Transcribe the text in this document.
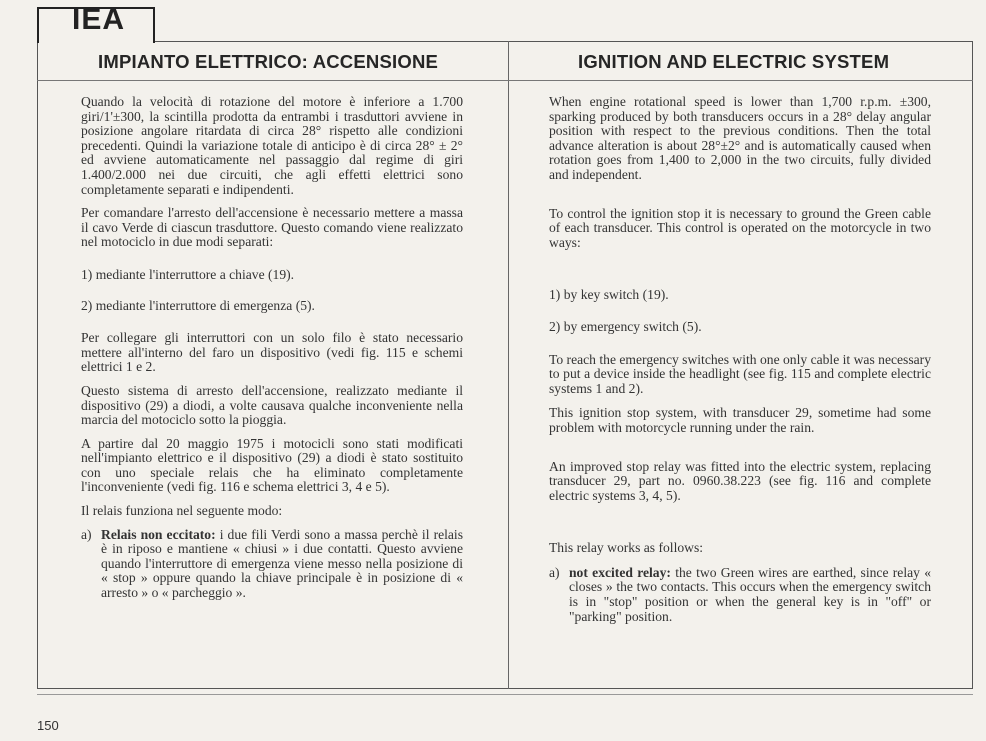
IEA
IMPIANTO ELETTRICO: ACCENSIONE	IGNITION AND ELECTRIC SYSTEM

Quando la velocità di rotazione del motore è inferiore a 1.700 giri/1'±300, la scintilla prodotta da entrambi i trasduttori avviene in posizione angolare ritardata di circa 28° rispetto alle condizioni precedenti. Quindi la variazione totale di anticipo è di circa 28° ± 2° ed avviene automaticamente nel passaggio dal regime di giri 1.400/2.000 nei due circuiti, che agli effetti elettrici sono completamente separati e indipendenti.

Per comandare l'arresto dell'accensione è necessario mettere a massa il cavo Verde di ciascun trasduttore. Questo comando viene realizzato nel motociclo in due modi separati:

1) mediante l'interruttore a chiave (19).

2) mediante l'interruttore di emergenza (5).

Per collegare gli interruttori con un solo filo è stato necessario mettere all'interno del faro un dispositivo (vedi fig. 115 e schemi elettrici 1 e 2.

Questo sistema di arresto dell'accensione, realizzato mediante il dispositivo (29) a diodi, a volte causava qualche inconveniente nella marcia del motociclo sotto la pioggia.

A partire dal 20 maggio 1975 i motocicli sono stati modificati nell'impianto elettrico e il dispositivo (29) a diodi è stato sostituito con uno speciale relais che ha eliminato completamente l'inconveniente (vedi fig. 116 e schema elettrici 3, 4 e 5).

Il relais funziona nel seguente modo:

a) Relais non eccitato: i due fili Verdi sono a massa perchè il relais è in riposo e mantiene « chiusi » i due contatti. Questo avviene quando l'interruttore di emergenza viene messo nella posizione di « stop » oppure quando la chiave principale è in posizione di « arresto » o « parcheggio ».

When engine rotational speed is lower than 1,700 r.p.m. ±300, sparking produced by both transducers occurs in a 28° delay angular position with respect to the previous conditions. Then the total advance alteration is about 28°±2° and is automatically caused when rotation goes from 1,400 to 2,000 in the two circuits, fully divided and independent.

To control the ignition stop it is necessary to ground the Green cable of each transducer. This control is operated on the motorcycle in two ways:

1) by key switch (19).

2) by emergency switch (5).

To reach the emergency switches with one only cable it was necessary to put a device inside the headlight (see fig. 115 and complete electric systems 1 and 2).

This ignition stop system, with transducer 29, sometime had some problem with motorcycle running under the rain.

An improved stop relay was fitted into the electric system, replacing transducer 29, part no. 0960.38.223 (see fig. 116 and complete electric systems 3, 4, 5).

This relay works as follows:

a) not excited relay: the two Green wires are earthed, since relay « closes » the two contacts. This occurs when the emergency switch is in "stop" position or when the general key is in "off" or "parking" position.
150
